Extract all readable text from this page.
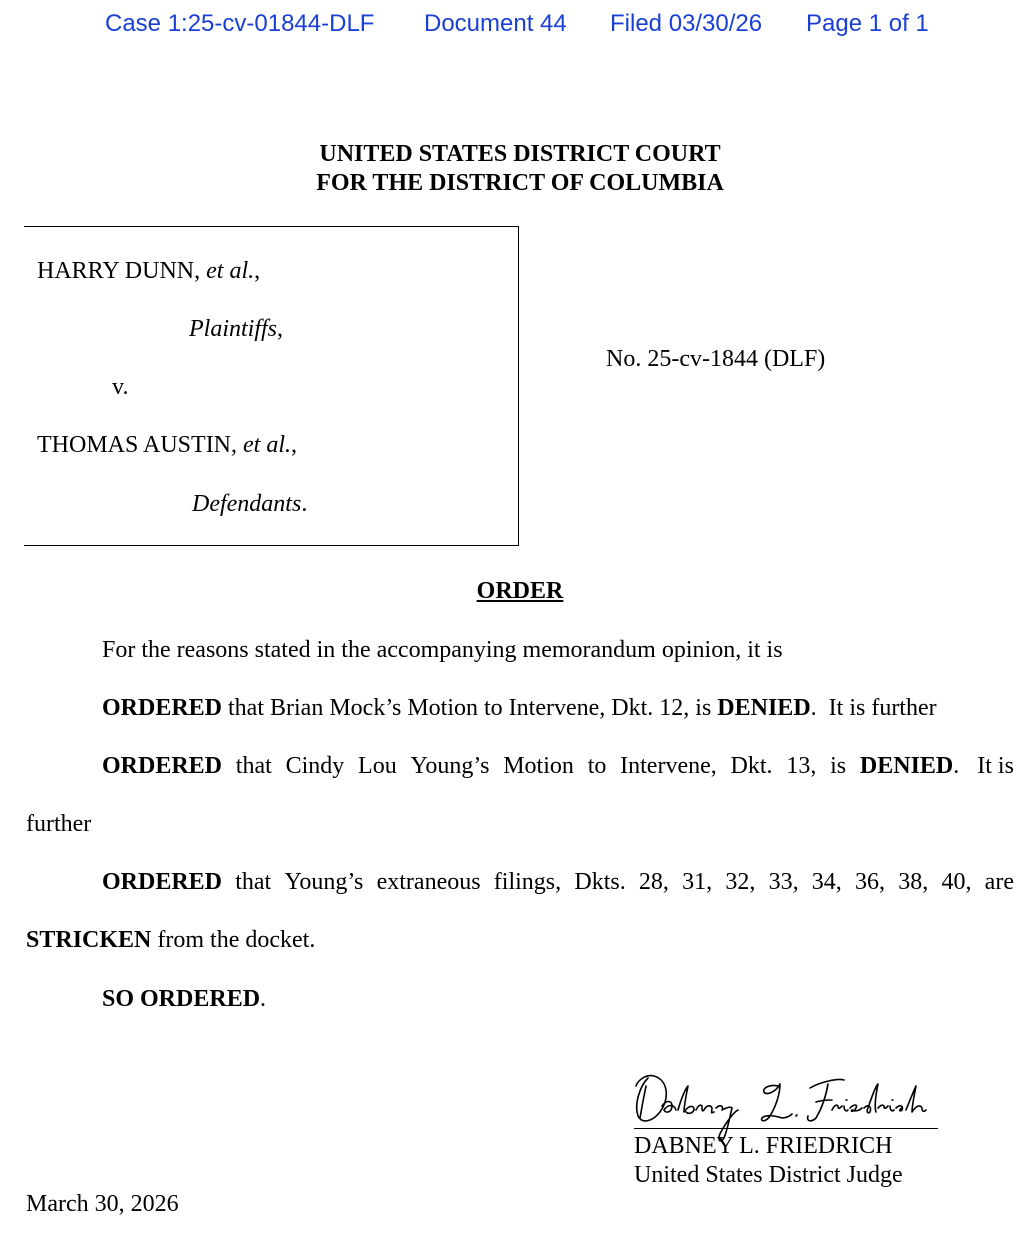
Case 1:25-cv-01844-DLF Document 44 Filed 03/30/26 Page 1 of 1
UNITED STATES DISTRICT COURT
FOR THE DISTRICT OF COLUMBIA
HARRY DUNN, et al.,
Plaintiffs,
v.
THOMAS AUSTIN, et al.,
Defendants.
No. 25-cv-1844 (DLF)
ORDER
For the reasons stated in the accompanying memorandum opinion, it is
ORDERED that Brian Mock’s Motion to Intervene, Dkt. 12, is DENIED.  It is further
ORDERED that Cindy Lou Young’s Motion to Intervene, Dkt. 13, is DENIED.   It is
further
ORDERED that Young’s extraneous filings, Dkts. 28, 31, 32, 33, 34, 36, 38, 40, are
STRICKEN from the docket.
SO ORDERED.
DABNEY L. FRIEDRICH
United States District Judge
March 30, 2026
